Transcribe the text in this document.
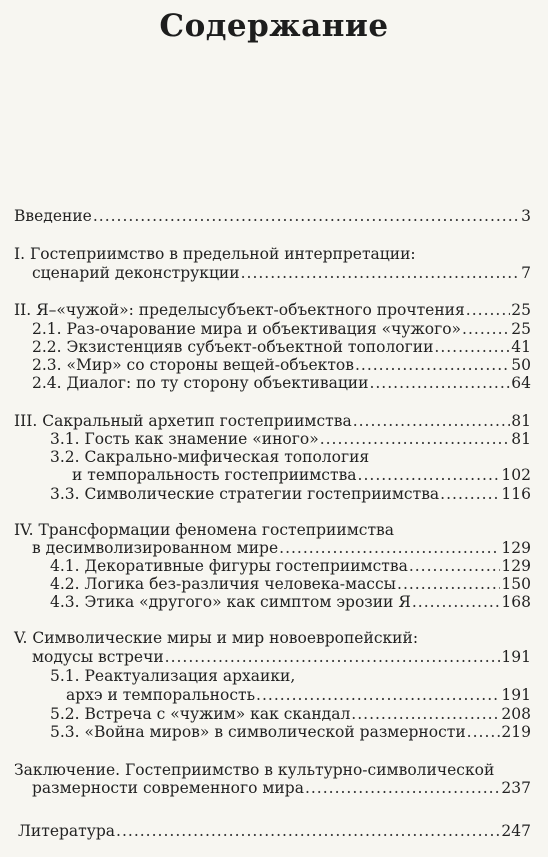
Содержание
Введение .....	3
I. Гостеприимство в предельной интерпретации:
сценарий деконструкции .....	7
II. Я–«чужой»: пределысубъект-объектного прочтения .....	25
2.1. Раз-очарование мира и объективация «чужого» .....	25
2.2. Экзистенцияв субъект-объектной топологии .....	41
2.3. «Мир» со стороны вещей-объектов .....	50
2.4. Диалог: по ту сторону объективации .....	64
III. Сакральный архетип гостеприимства .....	81
3.1. Гость как знамение «иного» .....	81
3.2. Сакрально-мифическая топология
и темпоральность гостеприимства .....	102
3.3. Символические стратегии гостеприимства .....	116
IV. Трансформации феномена гостеприимства
в десимволизированном мире .....	129
4.1. Декоративные фигуры гостеприимства .....	129
4.2. Логика без-различия человека-массы .....	150
4.3. Этика «другого» как симптом эрозии Я .....	168
V. Символические миры и мир новоевропейский:
модусы встречи .....	191
5.1. Реактуализация архаики,
архэ и темпоральность .....	191
5.2. Встреча с «чужим» как скандал .....	208
5.3. «Война миров» в символической размерности ..... 219
Заключение. Гостеприимство в культурно-символической
размерности современного мира .....	237
Литература .....	247
